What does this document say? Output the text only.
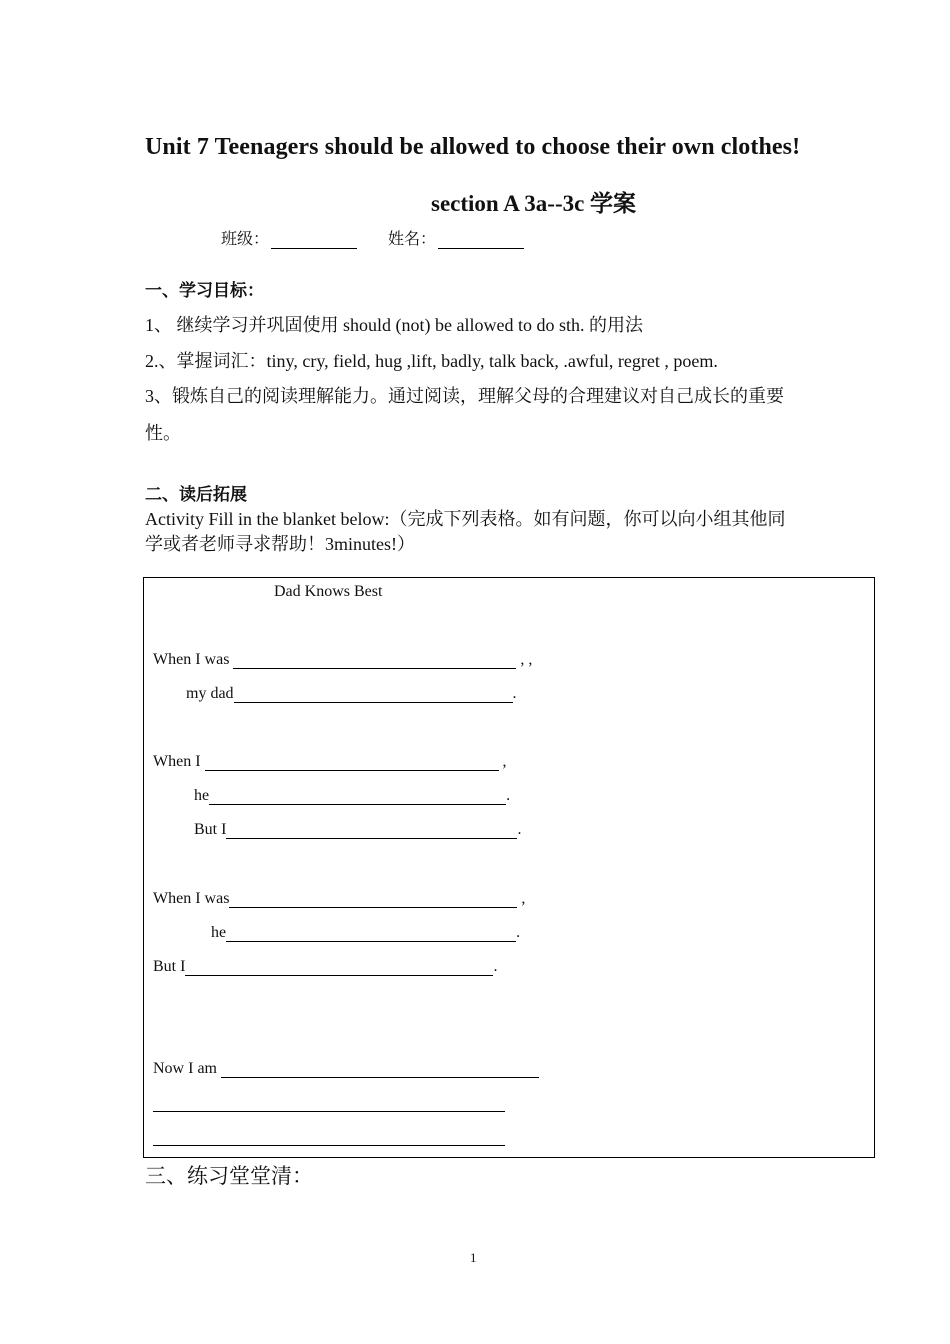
Unit 7 Teenagers should be allowed to choose their own clothes!
section A 3a--3c 学案
班级：	姓名：
一、学习目标：
1、 继续学习并巩固使用 should (not) be allowed to do sth. 的用法
2.、掌握词汇：tiny, cry, field, hug ,lift, badly, talk back, .awful, regret , poem.
3、锻炼自己的阅读理解能力。通过阅读，理解父母的合理建议对自己成长的重要
性。
二、读后拓展
Activity Fill in the blanket below:（完成下列表格。如有问题，你可以向小组其他同
学或者老师寻求帮助！3minutes!）
Dad Knows Best
When I was	, ,
my dad	.
When I	,
he	.
But I	.
When I was	,
he	.
But I	.
Now I am
三、练习堂堂清：
1
